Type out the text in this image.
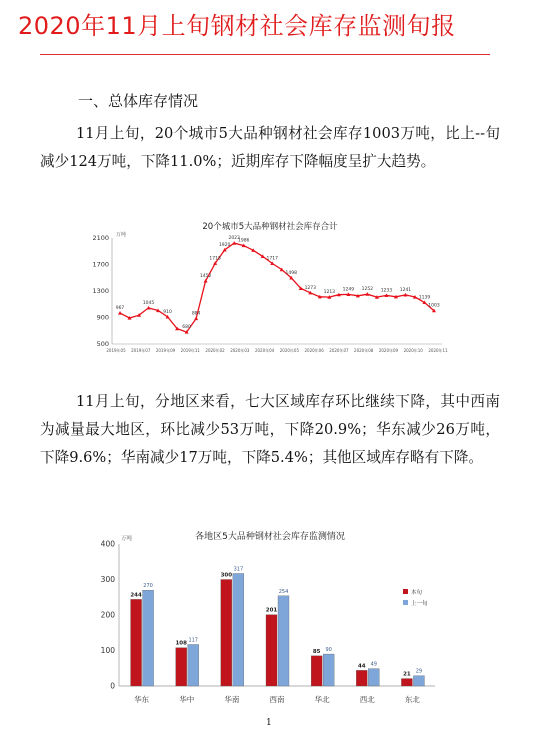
2020年11月上旬钢材社会库存监测旬报
一、总体库存情况
11月上旬，20个城市5大品种钢材社会库存1003万吨，比上--旬减少124万吨，下降11.0%；近期库存下降幅度呈扩大趋势。
20个城市5大品种钢材社会库存合计
万吨
500
900
1300
1700
2100
2019年05 2019年07 2019年09 2019年11 2020年02 2020年03 2020年04 2020年05 2020年06 2020年07 2020年08 2020年09 2020年10 2020年11
967
1045
910
680
884
1452
1718
1920
2023
1986
1717
1498
1273
1213
1249 1252 1233 1241
1139
1003
11月上旬，分地区来看，七大区域库存环比继续下降，其中西南为减量最大地区，环比减少53万吨，下降20.9%；华东减少26万吨，下降9.6%；华南减少17万吨，下降5.4%；其他区域库存略有下降。
各地区5大品种钢材社会库存监测情况
万吨
0
100
200
300
400
244
270
华东
108
117
华中
300
317
华南
201
254
西南
85 90
华北
44 49
西北
21 29
东北
本旬
上一旬
1
